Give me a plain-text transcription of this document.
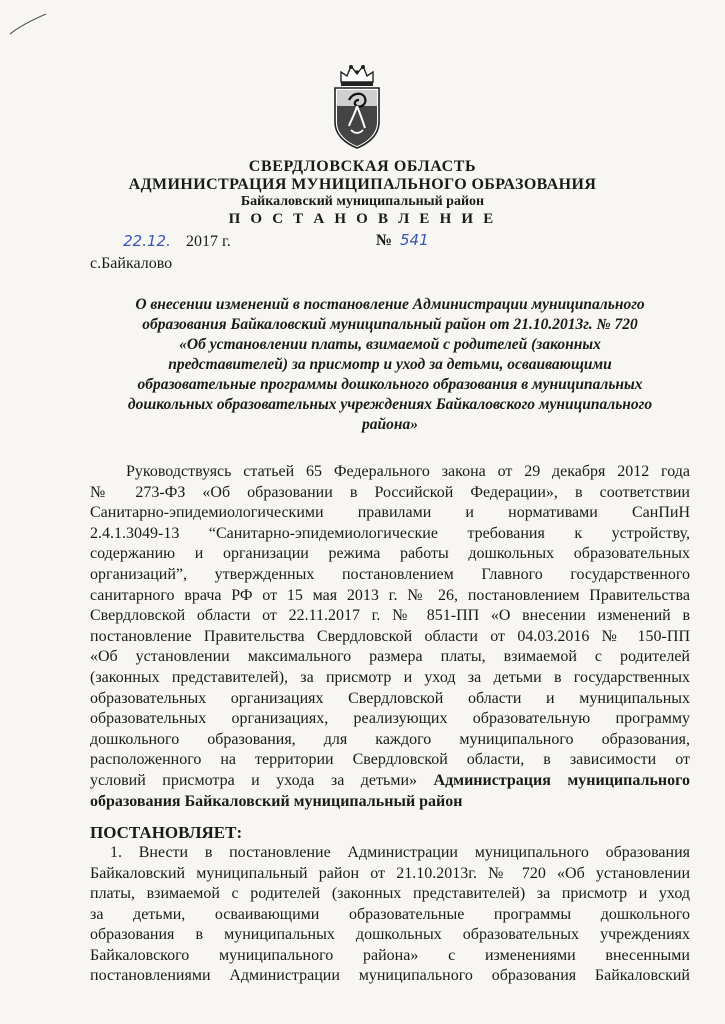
СВЕРДЛОВСКАЯ ОБЛАСТЬ
АДМИНИСТРАЦИЯ МУНИЦИПАЛЬНОГО ОБРАЗОВАНИЯ
Байкаловский муниципальный район
П О С Т А Н О В Л Е Н И Е
22.12. 2017 г.	№ 541
с.Байкалово
О внесении изменений в постановление Администрации муниципального
образования Байкаловский муниципальный район от 21.10.2013г. № 720
«Об установлении платы, взимаемой с родителей (законных
представителей) за присмотр и уход за детьми, осваивающими
образовательные программы дошкольного образования в муниципальных
дошкольных образовательных учреждениях Байкаловского муниципального
района»
Руководствуясь статьей 65 Федерального закона от 29 декабря 2012 года
№ 273-ФЗ «Об образовании в Российской Федерации», в соответствии
Санитарно-эпидемиологическими правилами и нормативами СанПиН
2.4.1.3049-13 “Санитарно-эпидемиологические требования к устройству,
содержанию и организации режима работы дошкольных образовательных
организаций”, утвержденных постановлением Главного государственного
санитарного врача РФ от 15 мая 2013 г. № 26, постановлением Правительства
Свердловской области от 22.11.2017 г. № 851-ПП «О внесении изменений в
постановление Правительства Свердловской области от 04.03.2016 № 150-ПП
«Об установлении максимального размера платы, взимаемой с родителей
(законных представителей), за присмотр и уход за детьми в государственных
образовательных организациях Свердловской области и муниципальных
образовательных организациях, реализующих образовательную программу
дошкольного образования, для каждого муниципального образования,
расположенного на территории Свердловской области, в зависимости от
условий присмотра и ухода за детьми» Администрация муниципального
образования Байкаловский муниципальный район
ПОСТАНОВЛЯЕТ:
1. Внести в постановление Администрации муниципального образования
Байкаловский муниципальный район от 21.10.2013г. № 720 «Об установлении
платы, взимаемой с родителей (законных представителей) за присмотр и уход
за детьми, осваивающими образовательные программы дошкольного
образования в муниципальных дошкольных образовательных учреждениях
Байкаловского муниципального района» с изменениями внесенными
постановлениями Администрации муниципального образования Байкаловский
